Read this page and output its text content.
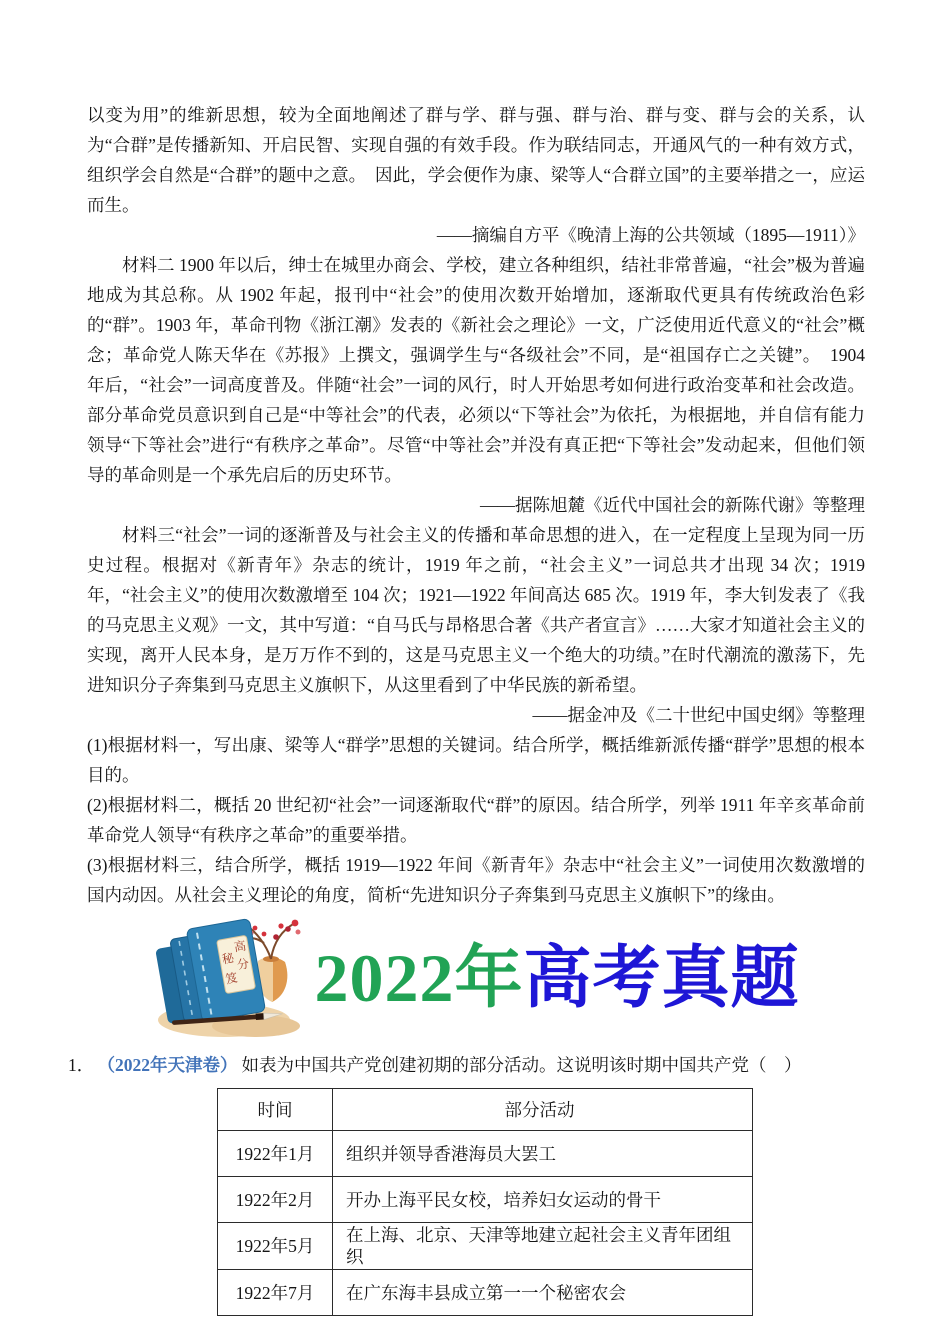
以变为用”的维新思想，较为全面地阐述了群与学、群与强、群与治、群与变、群与会的关系，认为“合群”是传播新知、开启民智、实现自强的有效手段。作为联结同志，开通风气的一种有效方式，组织学会自然是“合群”的题中之意。　因此，学会便作为康、梁等人“合群立国”的主要举措之一，应运而生。

——摘编自方平《晚清上海的公共领域（1895—1911）》

材料二 1900 年以后，绅士在城里办商会、学校，建立各种组织，结社非常普遍，“社会”极为普遍地成为其总称。从 1902 年起，报刊中“社会”的使用次数开始增加，逐渐取代更具有传统政治色彩的“群”。1903 年，革命刊物《浙江潮》发表的《新社会之理论》一文，广泛使用近代意义的“社会”概念；革命党人陈天华在《苏报》上撰文，强调学生与“各级社会”不同，是“祖国存亡之关键”。　1904 年后，“社会”一词高度普及。伴随“社会”一词的风行，时人开始思考如何进行政治变革和社会改造。部分革命党员意识到自己是“中等社会”的代表，必须以“下等社会”为依托，为根据地，并自信有能力领导“下等社会”进行“有秩序之革命”。尽管“中等社会”并没有真正把“下等社会”发动起来，但他们领导的革命则是一个承先启后的历史环节。

——据陈旭麓《近代中国社会的新陈代谢》等整理

材料三“社会”一词的逐渐普及与社会主义的传播和革命思想的进入，在一定程度上呈现为同一历史过程。根据对《新青年》杂志的统计，1919 年之前，“社会主义”一词总共才出现 34 次；1919 年，“社会主义”的使用次数激增至 104 次；1921—1922 年间高达 685 次。1919 年，李大钊发表了《我的马克思主义观》一文，其中写道：“自马氏与昂格思合著《共产者宣言》……大家才知道社会主义的实现，离开人民本身，是万万作不到的，这是马克思主义一个绝大的功绩。”在时代潮流的激荡下，先进知识分子奔集到马克思主义旗帜下，从这里看到了中华民族的新希望。

——据金冲及《二十世纪中国史纲》等整理

(1)根据材料一，写出康、梁等人“群学”思想的关键词。结合所学，概括维新派传播“群学”思想的根本目的。

(2)根据材料二，概括 20 世纪初“社会”一词逐渐取代“群”的原因。结合所学，列举 1911 年辛亥革命前革命党人领导“有秩序之革命”的重要举措。

(3)根据材料三，结合所学，概括 1919—1922 年间《新青年》杂志中“社会主义”一词使用次数激增的国内动因。从社会主义理论的角度，简析“先进知识分子奔集到马克思主义旗帜下”的缘由。

高
分
秘
笈 2022年高考真题

1． （2022年天津卷） 如表为中国共产党创建初期的部分活动。这说明该时期中国共产党（　）

时间	部分活动
1922年1月	组织并领导香港海员大罢工
1922年2月	开办上海平民女校，培养妇女运动的骨干
1922年5月	在上海、北京、天津等地建立起社会主义青年团组织
1922年7月	在广东海丰县成立第一一个秘密农会
